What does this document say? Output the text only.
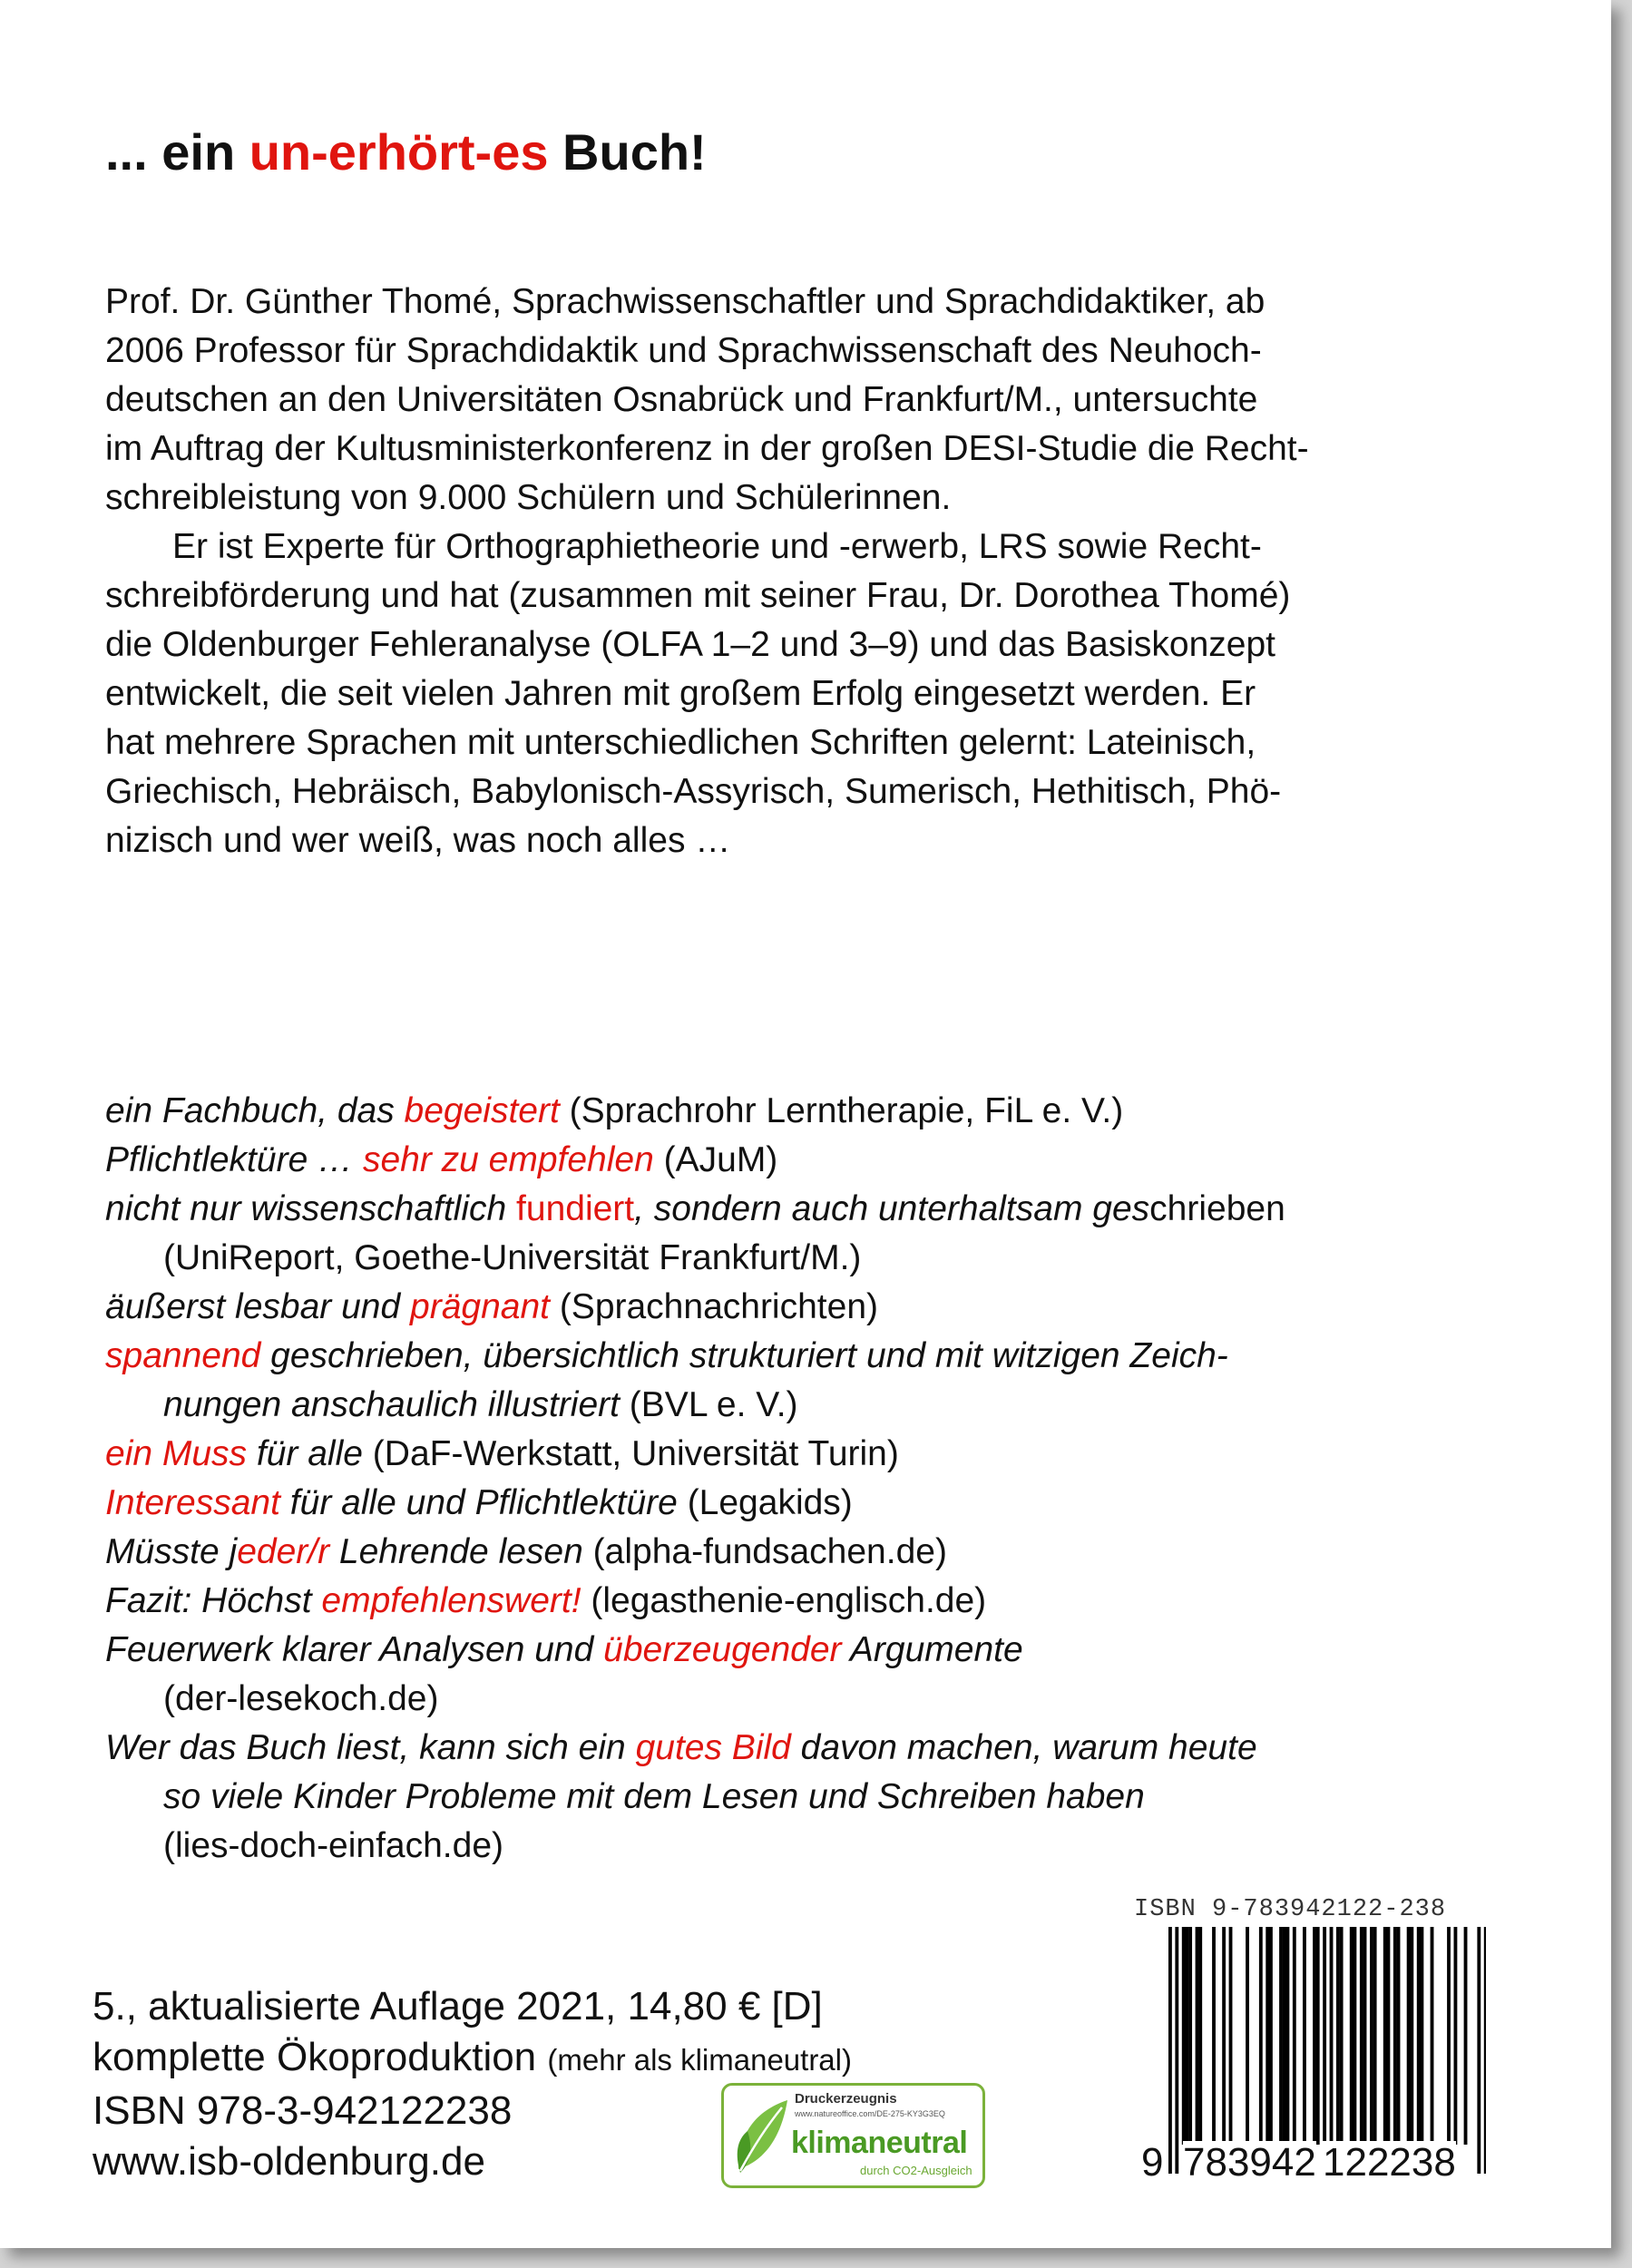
... ein un-erhört-es Buch!

Prof. Dr. Günther Thomé, Sprachwissenschaftler und Sprachdidaktiker, ab
2006 Professor für Sprachdidaktik und Sprachwissenschaft des Neuhoch-
deutschen an den Universitäten Osnabrück und Frankfurt/M., untersuchte
im Auftrag der Kultusministerkonferenz in der großen DESI-Studie die Recht-
schreibleistung von 9.000 Schülern und Schülerinnen.

Er ist Experte für Orthographietheorie und -erwerb, LRS sowie Recht-
schreibförderung und hat (zusammen mit seiner Frau, Dr. Dorothea Thomé)
die Oldenburger Fehleranalyse (OLFA 1–2 und 3–9) und das Basiskonzept
entwickelt, die seit vielen Jahren mit großem Erfolg eingesetzt werden. Er
hat mehrere Sprachen mit unterschiedlichen Schriften gelernt: Lateinisch,
Griechisch, Hebräisch, Babylonisch-Assyrisch, Sumerisch, Hethitisch, Phö-
nizisch und wer weiß, was noch alles …

ein Fachbuch, das begeistert (Sprachrohr Lerntherapie, FiL e. V.)

Pflichtlektüre … sehr zu empfehlen (AJuM)

nicht nur wissenschaftlich fundiert, sondern auch unterhaltsam geschrieben
(UniReport, Goethe-Universität Frankfurt/M.)

äußerst lesbar und prägnant (Sprachnachrichten)

spannend geschrieben, übersichtlich strukturiert und mit witzigen Zeich-
nungen anschaulich illustriert (BVL e. V.)

ein Muss für alle (DaF-Werkstatt, Universität Turin)

Interessant für alle und Pflichtlektüre (Legakids)

Müsste jeder/r Lehrende lesen (alpha-fundsachen.de)

Fazit: Höchst empfehlenswert! (legasthenie-englisch.de)

Feuerwerk klarer Analysen und überzeugender Argumente
(der-lesekoch.de)

Wer das Buch liest, kann sich ein gutes Bild davon machen, warum heute
so viele Kinder Probleme mit dem Lesen und Schreiben haben
(lies-doch-einfach.de)

5., aktualisierte Auflage 2021, 14,80 € [D]
komplette Ökoproduktion (mehr als klimaneutral)
ISBN 978-3-942122238
www.isb-oldenburg.de
Druckerzeugnis
www.natureoffice.com/DE-275-KY3G3EQ
klimaneutral
durch CO2-Ausgleich
ISBN 9-783942122-238
9 783942 122238
